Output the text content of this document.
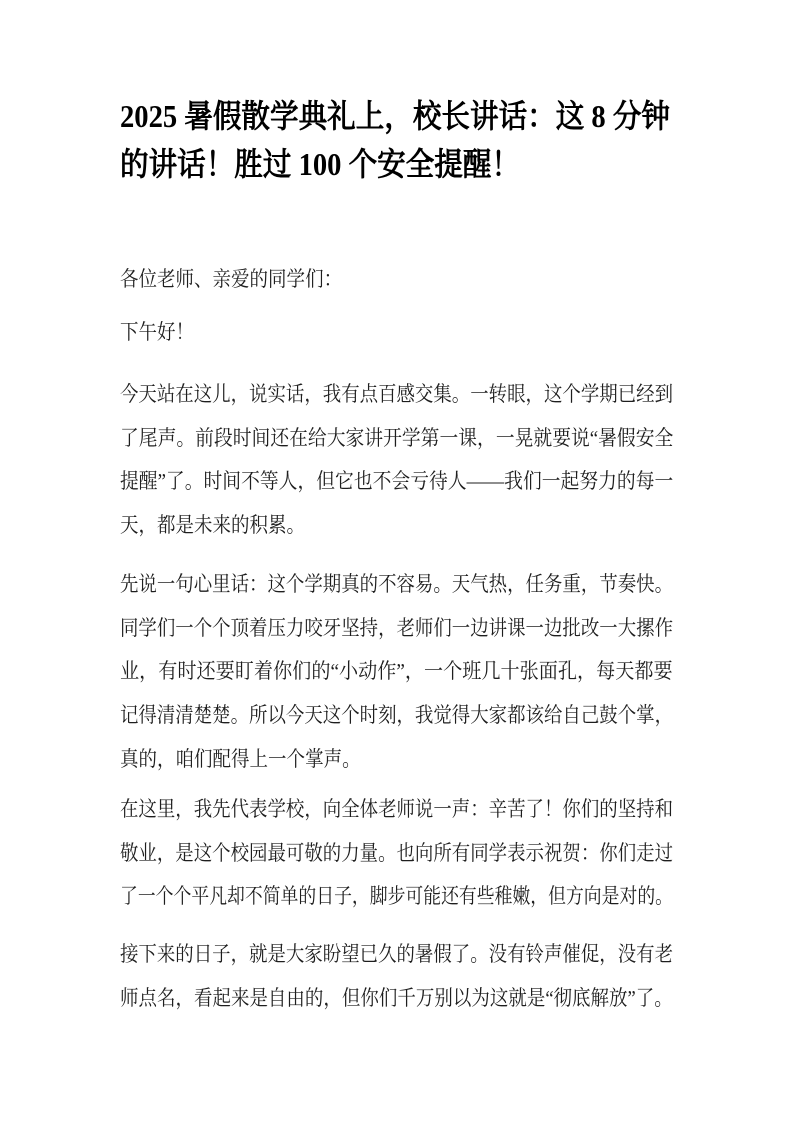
2025 暑假散学典礼上，校长讲话：这 8 分钟
的讲话！胜过 100 个安全提醒！
各位老师、亲爱的同学们：
下午好！
今天站在这儿，说实话，我有点百感交集。一转眼，这个学期已经到
了尾声。前段时间还在给大家讲开学第一课，一晃就要说“暑假安全
提醒”了。时间不等人，但它也不会亏待人——我们一起努力的每一
天，都是未来的积累。
先说一句心里话：这个学期真的不容易。天气热，任务重，节奏快。
同学们一个个顶着压力咬牙坚持，老师们一边讲课一边批改一大摞作
业，有时还要盯着你们的“小动作”，一个班几十张面孔，每天都要
记得清清楚楚。所以今天这个时刻，我觉得大家都该给自己鼓个掌，
真的，咱们配得上一个掌声。
在这里，我先代表学校，向全体老师说一声：辛苦了！你们的坚持和
敬业，是这个校园最可敬的力量。也向所有同学表示祝贺：你们走过
了一个个平凡却不简单的日子，脚步可能还有些稚嫩，但方向是对的。
接下来的日子，就是大家盼望已久的暑假了。没有铃声催促，没有老
师点名，看起来是自由的，但你们千万别以为这就是“彻底解放”了。
